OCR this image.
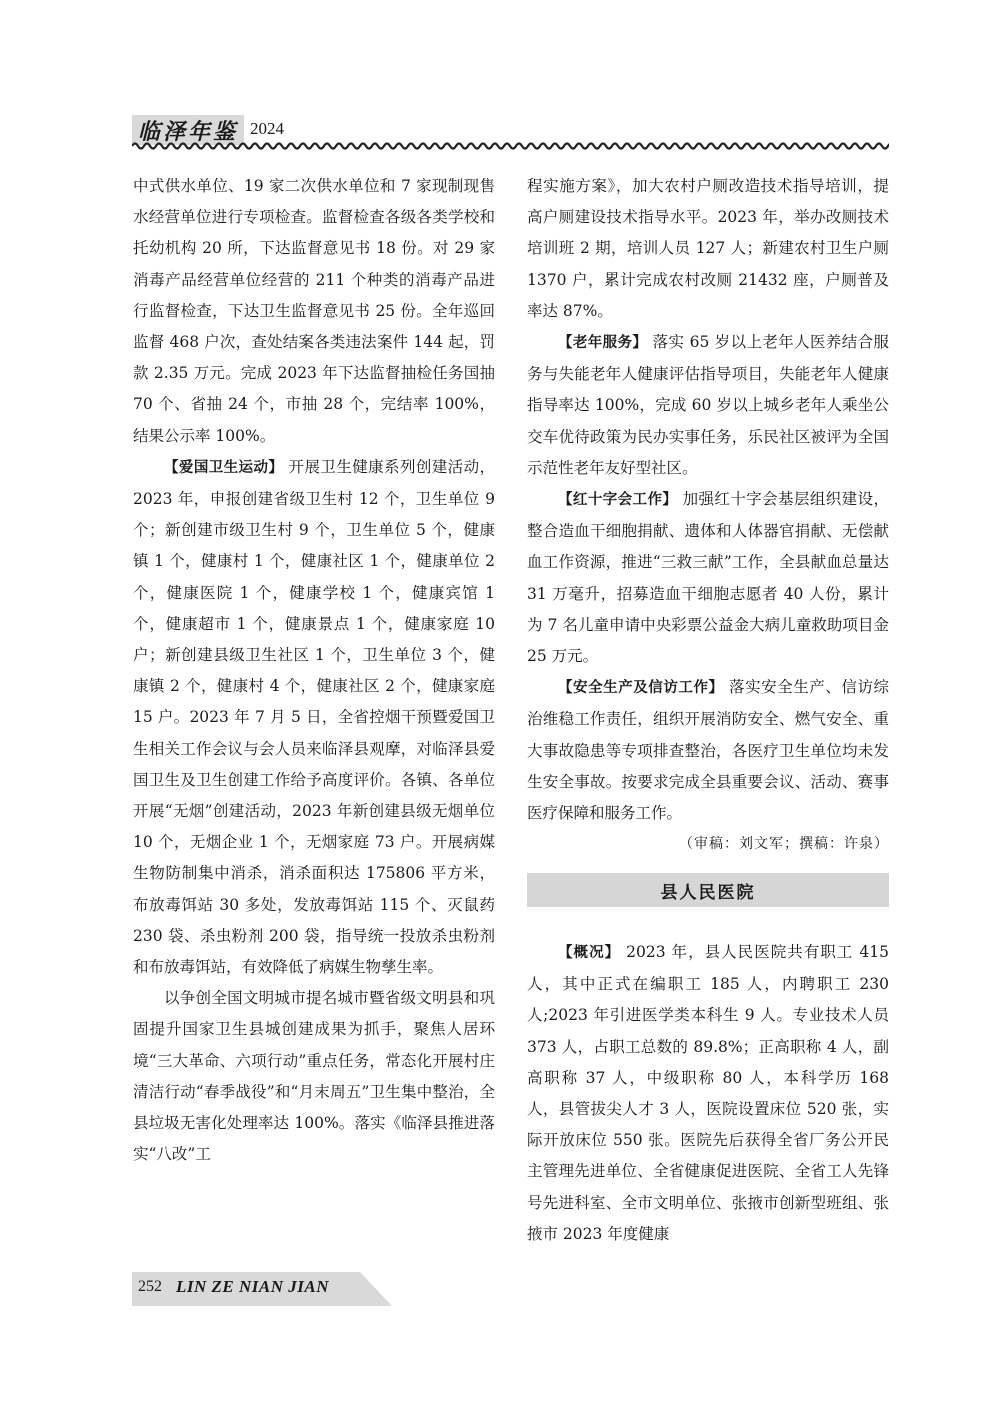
临泽年鉴 2024

中式供水单位、19 家二次供水单位和 7 家现制现售水经营单位进行专项检查。监督检查各级各类学校和托幼机构 20 所，下达监督意见书 18 份。对 29 家消毒产品经营单位经营的 211 个种类的消毒产品进行监督检查，下达卫生监督意见书 25 份。全年巡回监督 468 户次，查处结案各类违法案件 144 起，罚款 2.35 万元。完成 2023 年下达监督抽检任务国抽 70 个、省抽 24 个，市抽 28 个，完结率 100%，结果公示率 100%。

【爱国卫生运动】 开展卫生健康系列创建活动，2023 年，申报创建省级卫生村 12 个，卫生单位 9 个；新创建市级卫生村 9 个，卫生单位 5 个，健康镇 1 个，健康村 1 个，健康社区 1 个，健康单位 2 个，健康医院 1 个，健康学校 1 个，健康宾馆 1 个，健康超市 1 个，健康景点 1 个，健康家庭 10 户；新创建县级卫生社区 1 个，卫生单位 3 个，健康镇 2 个，健康村 4 个，健康社区 2 个，健康家庭 15 户。2023 年 7 月 5 日，全省控烟干预暨爱国卫生相关工作会议与会人员来临泽县观摩，对临泽县爱国卫生及卫生创建工作给予高度评价。各镇、各单位开展“无烟”创建活动，2023 年新创建县级无烟单位 10 个，无烟企业 1 个，无烟家庭 73 户。开展病媒生物防制集中消杀，消杀面积达 175806 平方米，布放毒饵站 30 多处，发放毒饵站 115 个、灭鼠药 230 袋、杀虫粉剂 200 袋，指导统一投放杀虫粉剂和布放毒饵站，有效降低了病媒生物孳生率。

以争创全国文明城市提名城市暨省级文明县和巩固提升国家卫生县城创建成果为抓手，聚焦人居环境“三大革命、六项行动”重点任务，常态化开展村庄清洁行动“春季战役”和“月末周五”卫生集中整治，全县垃圾无害化处理率达 100%。落实《临泽县推进落实“八改”工

程实施方案》，加大农村户厕改造技术指导培训，提高户厕建设技术指导水平。2023 年，举办改厕技术培训班 2 期，培训人员 127 人；新建农村卫生户厕 1370 户，累计完成农村改厕 21432 座，户厕普及率达 87%。

【老年服务】 落实 65 岁以上老年人医养结合服务与失能老年人健康评估指导项目，失能老年人健康指导率达 100%，完成 60 岁以上城乡老年人乘坐公交车优待政策为民办实事任务，乐民社区被评为全国示范性老年友好型社区。

【红十字会工作】 加强红十字会基层组织建设，整合造血干细胞捐献、遗体和人体器官捐献、无偿献血工作资源，推进“三救三献”工作，全县献血总量达 31 万毫升，招募造血干细胞志愿者 40 人份，累计为 7 名儿童申请中央彩票公益金大病儿童救助项目金 25 万元。

【安全生产及信访工作】 落实安全生产、信访综治维稳工作责任，组织开展消防安全、燃气安全、重大事故隐患等专项排查整治，各医疗卫生单位均未发生安全事故。按要求完成全县重要会议、活动、赛事医疗保障和服务工作。

（审稿：刘文军；撰稿：许泉）

县人民医院

【概况】 2023 年，县人民医院共有职工 415 人，其中正式在编职工 185 人，内聘职工 230 人;2023 年引进医学类本科生 9 人。专业技术人员 373 人，占职工总数的 89.8%；正高职称 4 人，副高职称 37 人，中级职称 80 人，本科学历 168 人，县管拔尖人才 3 人，医院设置床位 520 张，实际开放床位 550 张。医院先后获得全省厂务公开民主管理先进单位、全省健康促进医院、全省工人先锋号先进科室、全市文明单位、张掖市创新型班组、张掖市 2023 年度健康

252 LIN ZE NIAN JIAN
